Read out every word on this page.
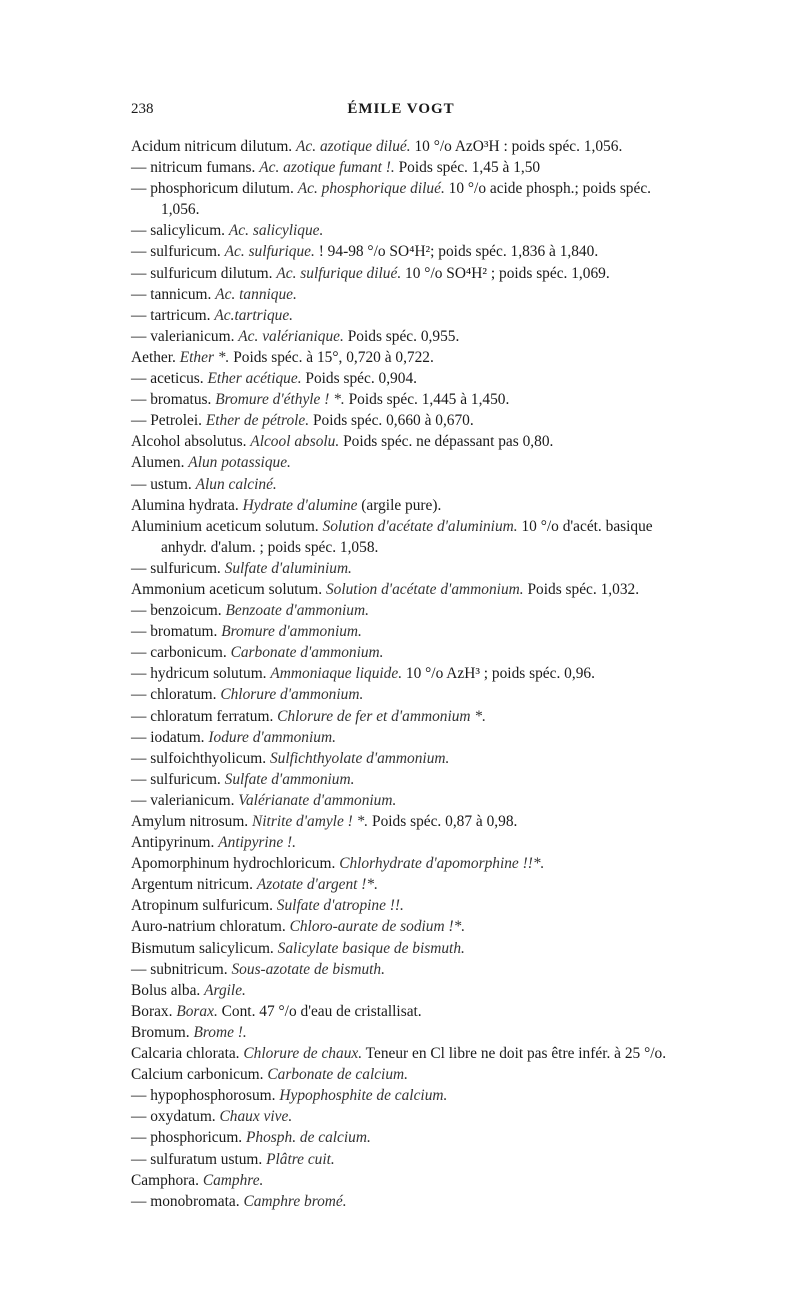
238	ÉMILE VOGT
Acidum nitricum dilutum. Ac. azotique dilué. 10 °/o AzO³H : poids spéc. 1,056.
— nitricum fumans. Ac. azotique fumant !. Poids spéc. 1,45 à 1,50
— phosphoricum dilutum. Ac. phosphorique dilué. 10 °/o acide phosph.; poids spéc. 1,056.
— salicylicum. Ac. salicylique.
— sulfuricum. Ac. sulfurique. ! 94-98 °/o SO⁴H²; poids spéc. 1,836 à 1,840.
— sulfuricum dilutum. Ac. sulfurique dilué. 10 °/o SO⁴H² ; poids spéc. 1,069.
— tannicum. Ac. tannique.
— tartricum. Ac.tartrique.
— valerianicum. Ac. valérianique. Poids spéc. 0,955.
Aether. Ether *. Poids spéc. à 15°, 0,720 à 0,722.
— aceticus. Ether acétique. Poids spéc. 0,904.
— bromatus. Bromure d'éthyle ! *. Poids spéc. 1,445 à 1,450.
— Petrolei. Ether de pétrole. Poids spéc. 0,660 à 0,670.
Alcohol absolutus. Alcool absolu. Poids spéc. ne dépassant pas 0,80.
Alumen. Alun potassique.
— ustum. Alun calciné.
Alumina hydrata. Hydrate d'alumine (argile pure).
Aluminium aceticum solutum. Solution d'acétate d'aluminium. 10 °/o d'acét. basique anhydr. d'alum. ; poids spéc. 1,058.
— sulfuricum. Sulfate d'aluminium.
Ammonium aceticum solutum. Solution d'acétate d'ammonium. Poids spéc. 1,032.
— benzoicum. Benzoate d'ammonium.
— bromatum. Bromure d'ammonium.
— carbonicum. Carbonate d'ammonium.
— hydricum solutum. Ammoniaque liquide. 10 °/o AzH³ ; poids spéc. 0,96.
— chloratum. Chlorure d'ammonium.
— chloratum ferratum. Chlorure de fer et d'ammonium *.
— iodatum. Iodure d'ammonium.
— sulfoichthyolicum. Sulfichthyolate d'ammonium.
— sulfuricum. Sulfate d'ammonium.
— valerianicum. Valérianate d'ammonium.
Amylum nitrosum. Nitrite d'amyle ! *. Poids spéc. 0,87 à 0,98.
Antipyrinum. Antipyrine !.
Apomorphinum hydrochloricum. Chlorhydrate d'apomorphine !!*.
Argentum nitricum. Azotate d'argent !*.
Atropinum sulfuricum. Sulfate d'atropine !!.
Auro-natrium chloratum. Chloro-aurate de sodium !*.
Bismutum salicylicum. Salicylate basique de bismuth.
— subnitricum. Sous-azotate de bismuth.
Bolus alba. Argile.
Borax. Borax. Cont. 47 °/o d'eau de cristallisat.
Bromum. Brome !.
Calcaria chlorata. Chlorure de chaux. Teneur en Cl libre ne doit pas être infér. à 25 °/o.
Calcium carbonicum. Carbonate de calcium.
— hypophosphorosum. Hypophosphite de calcium.
— oxydatum. Chaux vive.
— phosphoricum. Phosph. de calcium.
— sulfuratum ustum. Plâtre cuit.
Camphora. Camphre.
— monobromata. Camphre bromé.
